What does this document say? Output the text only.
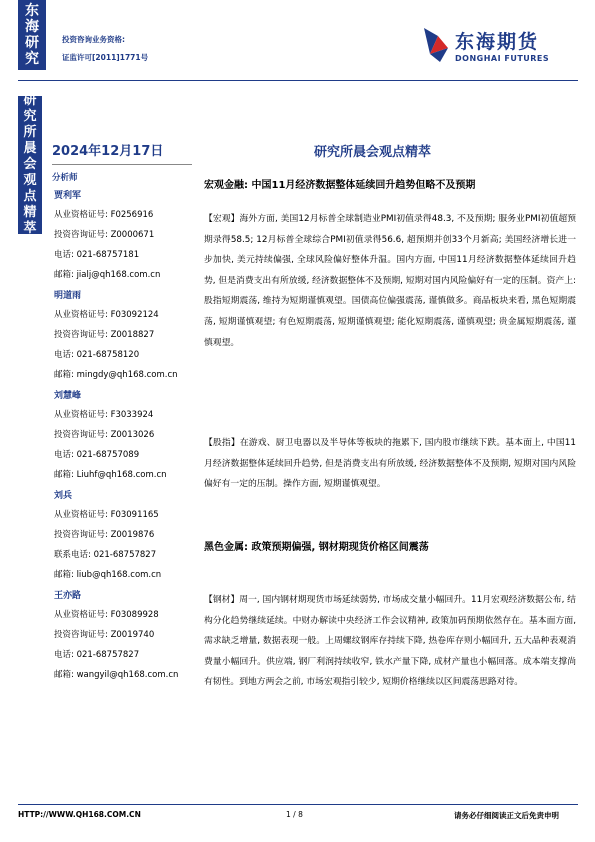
东
海
研
究
投资咨询业务资格:
证监许可[2011]1771号
东海期货
DONGHAI FUTURES
研
究
所
晨
会
观
点
精
萃
2024年12月17日	研究所晨会观点精萃
分析师
贾利军
从业资格证号: F0256916
投资咨询证号: Z0000671
电话: 021-68757181
邮箱: jialj@qh168.com.cn
明道雨
从业资格证号: F03092124
投资咨询证号: Z0018827
电话: 021-68758120
邮箱: mingdy@qh168.com.cn
刘慧峰
从业资格证号: F3033924
投资咨询证号: Z0013026
电话: 021-68757089
邮箱: Liuhf@qh168.com.cn
刘兵
从业资格证号: F03091165
投资咨询证号: Z0019876
联系电话: 021-68757827
邮箱: liub@qh168.com.cn
王亦路
从业资格证号: F03089928
投资咨询证号: Z0019740
电话: 021-68757827
邮箱: wangyil@qh168.com.cn
宏观金融: 中国11月经济数据整体延续回升趋势但略不及预期
【宏观】海外方面, 美国12月标普全球制造业PMI初值录得48.3, 不及预期; 服务业PMI初值超预期录得58.5; 12月标普全球综合PMI初值录得56.6, 超预期并创33个月新高; 美国经济增长进一步加快, 美元持续偏强, 全球风险偏好整体升温。国内方面, 中国11月经济数据整体延续回升趋势, 但是消费支出有所放缓, 经济数据整体不及预期, 短期对国内风险偏好有一定的压制。资产上: 股指短期震荡, 维持为短期谨慎观望。国债高位偏强震荡, 谨慎做多。商品板块来看, 黑色短期震荡, 短期谨慎观望; 有色短期震荡, 短期谨慎观望; 能化短期震荡, 谨慎观望; 贵金属短期震荡, 谨慎观望。
【股指】在游戏、厨卫电器以及半导体等板块的拖累下, 国内股市继续下跌。基本面上, 中国11月经济数据整体延续回升趋势, 但是消费支出有所放缓, 经济数据整体不及预期, 短期对国内风险偏好有一定的压制。操作方面, 短期谨慎观望。
黑色金属: 政策预期偏强, 钢材期现货价格区间震荡
【钢材】周一, 国内钢材期现货市场延续弱势, 市场成交量小幅回升。11月宏观经济数据公布, 结构分化趋势继续延续。中财办解读中央经济工作会议精神, 政策加码预期依然存在。基本面方面, 需求缺乏增量, 数据表现一般。上周螺纹钢库存持续下降, 热卷库存则小幅回升, 五大品种表观消费量小幅回升。供应端, 钢厂利润持续收窄, 铁水产量下降, 成材产量也小幅回落。成本端支撑尚有韧性。到地方两会之前, 市场宏观指引较少, 短期价格继续以区间震荡思路对待。
HTTP://WWW.QH168.COM.CN	1 / 8	请务必仔细阅读正文后免责申明
